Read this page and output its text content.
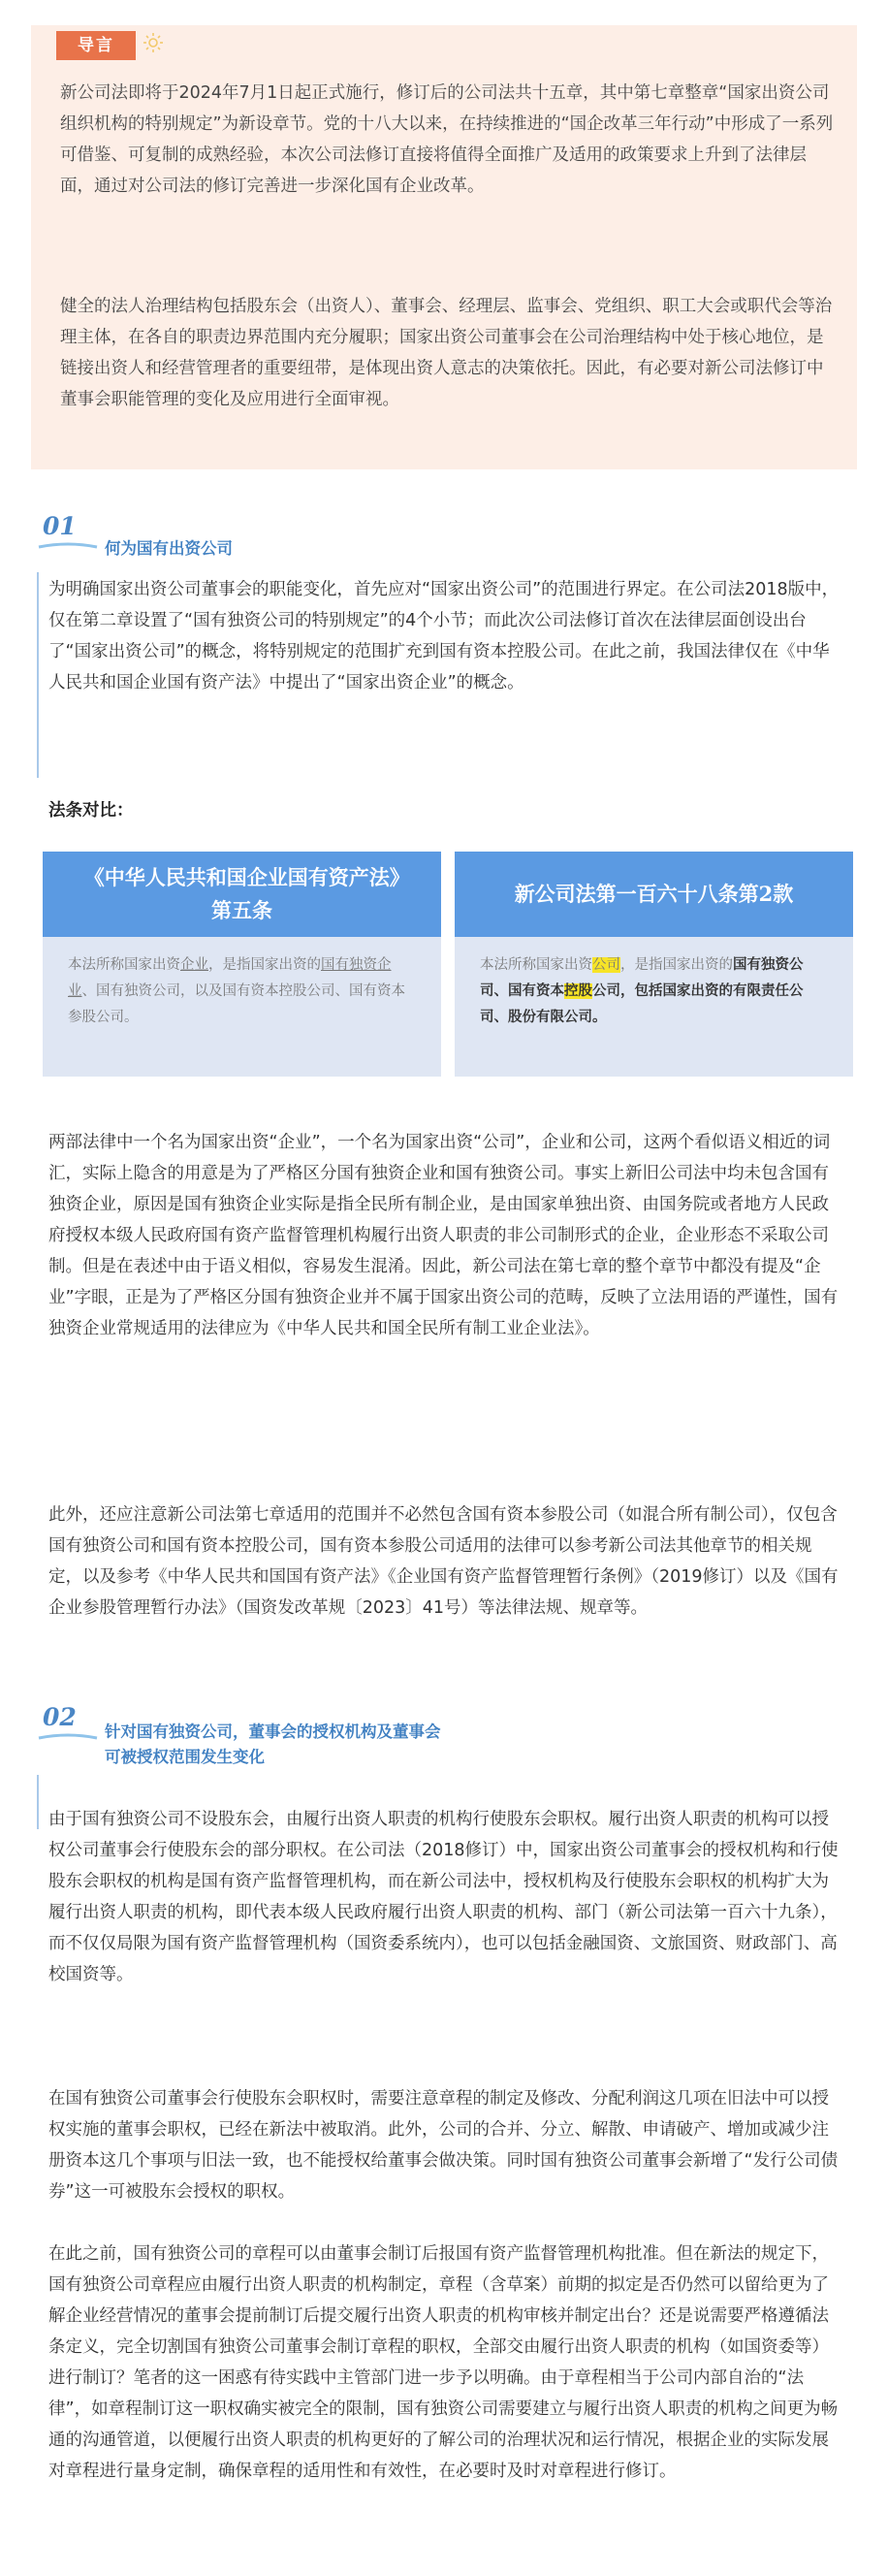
导言

新公司法即将于2024年7月1日起正式施行，修订后的公司法共十五章，其中第七章整章“国家出资公司组织机构的特别规定”为新设章节。党的十八大以来，在持续推进的“国企改革三年行动”中形成了一系列可借鉴、可复制的成熟经验，本次公司法修订直接将值得全面推广及适用的政策要求上升到了法律层面，通过对公司法的修订完善进一步深化国有企业改革。

健全的法人治理结构包括股东会（出资人）、董事会、经理层、监事会、党组织、职工大会或职代会等治理主体，在各自的职责边界范围内充分履职；国家出资公司董事会在公司治理结构中处于核心地位，是链接出资人和经营管理者的重要纽带，是体现出资人意志的决策依托。因此，有必要对新公司法修订中董事会职能管理的变化及应用进行全面审视。

01

何为国有出资公司

为明确国家出资公司董事会的职能变化，首先应对“国家出资公司”的范围进行界定。在公司法2018版中，仅在第二章设置了“国有独资公司的特别规定”的4个小节；而此次公司法修订首次在法律层面创设出台了“国家出资公司”的概念，将特别规定的范围扩充到国有资本控股公司。在此之前，我国法律仅在《中华人民共和国企业国有资产法》中提出了“国家出资企业”的概念。

法条对比：
《中华人民共和国企业国有资产法》第五条
本法所称国家出资企业，是指国家出资的国有独资企业、国有独资公司，以及国有资本控股公司、国有资本参股公司。
新公司法第一百六十八条第2款
本法所称国家出资公司，是指国家出资的国有独资公司、国有资本控股公司，包括国家出资的有限责任公司、股份有限公司。

两部法律中一个名为国家出资“企业”，一个名为国家出资“公司”，企业和公司，这两个看似语义相近的词汇，实际上隐含的用意是为了严格区分国有独资企业和国有独资公司。事实上新旧公司法中均未包含国有独资企业，原因是国有独资企业实际是指全民所有制企业，是由国家单独出资、由国务院或者地方人民政府授权本级人民政府国有资产监督管理机构履行出资人职责的非公司制形式的企业，企业形态不采取公司制。但是在表述中由于语义相似，容易发生混淆。因此，新公司法在第七章的整个章节中都没有提及“企业”字眼，正是为了严格区分国有独资企业并不属于国家出资公司的范畴，反映了立法用语的严谨性，国有独资企业常规适用的法律应为《中华人民共和国全民所有制工业企业法》。

此外，还应注意新公司法第七章适用的范围并不必然包含国有资本参股公司（如混合所有制公司），仅包含国有独资公司和国有资本控股公司，国有资本参股公司适用的法律可以参考新公司法其他章节的相关规定，以及参考《中华人民共和国国有资产法》《企业国有资产监督管理暂行条例》（2019修订）以及《国有企业参股管理暂行办法》（国资发改革规〔2023〕41号）等法律法规、规章等。

02

针对国有独资公司，董事会的授权机构及董事会

可被授权范围发生变化

由于国有独资公司不设股东会，由履行出资人职责的机构行使股东会职权。履行出资人职责的机构可以授权公司董事会行使股东会的部分职权。在公司法（2018修订）中，国家出资公司董事会的授权机构和行使股东会职权的机构是国有资产监督管理机构，而在新公司法中，授权机构及行使股东会职权的机构扩大为履行出资人职责的机构，即代表本级人民政府履行出资人职责的机构、部门（新公司法第一百六十九条），而不仅仅局限为国有资产监督管理机构（国资委系统内），也可以包括金融国资、文旅国资、财政部门、高校国资等。

在国有独资公司董事会行使股东会职权时，需要注意章程的制定及修改、分配利润这几项在旧法中可以授权实施的董事会职权，已经在新法中被取消。此外，公司的合并、分立、解散、申请破产、增加或减少注册资本这几个事项与旧法一致，也不能授权给董事会做决策。同时国有独资公司董事会新增了“发行公司债券”这一可被股东会授权的职权。

在此之前，国有独资公司的章程可以由董事会制订后报国有资产监督管理机构批准。但在新法的规定下，国有独资公司章程应由履行出资人职责的机构制定，章程（含草案）前期的拟定是否仍然可以留给更为了解企业经营情况的董事会提前制订后提交履行出资人职责的机构审核并制定出台？还是说需要严格遵循法条定义，完全切割国有独资公司董事会制订章程的职权，全部交由履行出资人职责的机构（如国资委等）进行制订？笔者的这一困惑有待实践中主管部门进一步予以明确。由于章程相当于公司内部自治的“法律”，如章程制订这一职权确实被完全的限制，国有独资公司需要建立与履行出资人职责的机构之间更为畅通的沟通管道，以便履行出资人职责的机构更好的了解公司的治理状况和运行情况，根据企业的实际发展对章程进行量身定制，确保章程的适用性和有效性，在必要时及时对章程进行修订。
